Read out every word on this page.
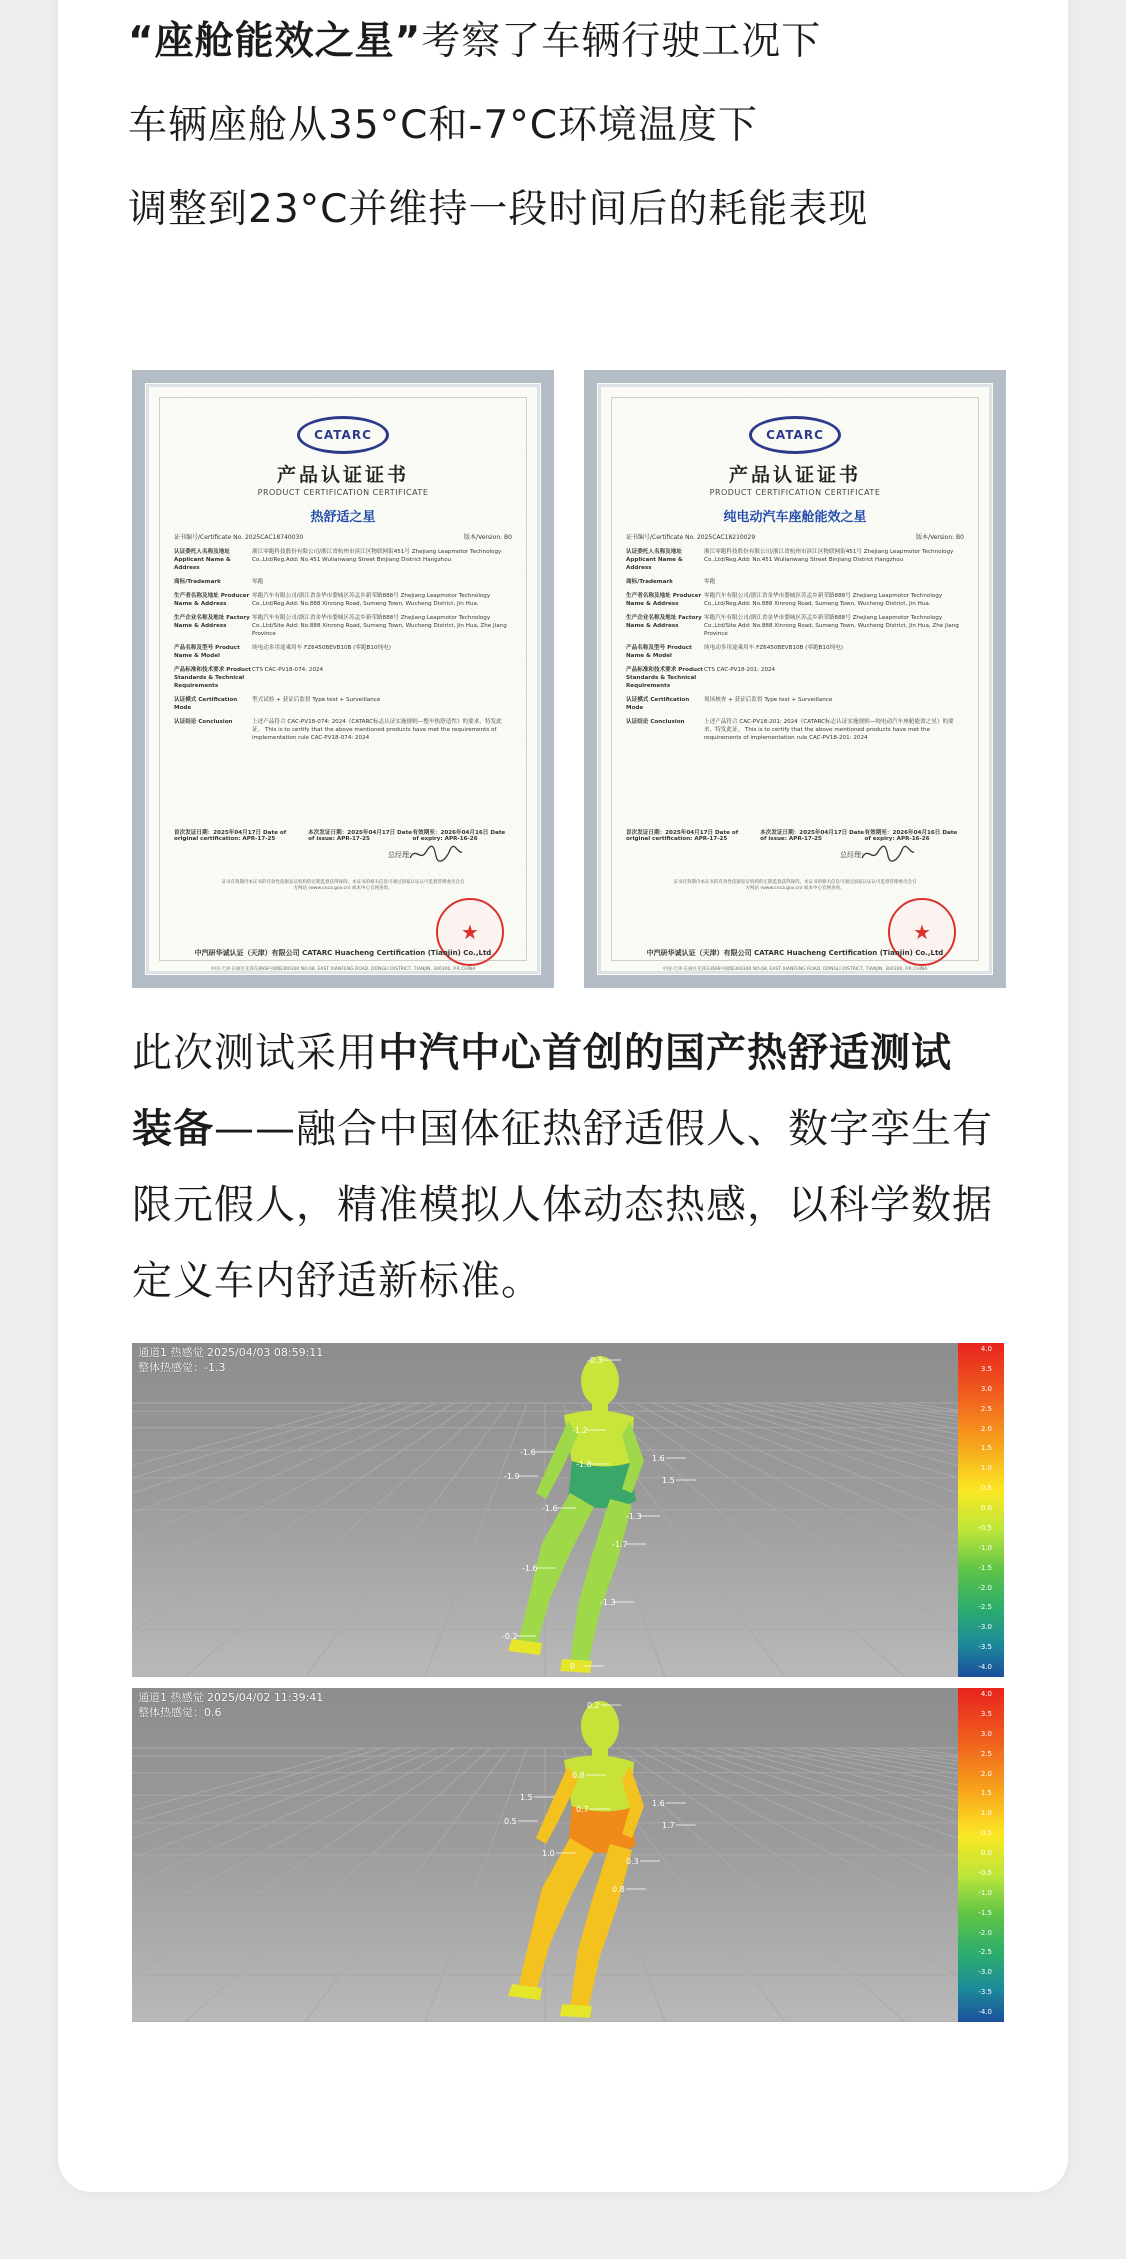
“座舱能效之星”考察了车辆行驶工况下
车辆座舱从35°C和-7°C环境温度下
调整到23°C并维持一段时间后的耗能表现
CATARC
产品认证证书
PRODUCT CERTIFICATION CERTIFICATE
热舒适之星
证书编号/Certificate No. 2025CAC18740030	版本/Version: B0
认证委托人名称及地址 Applicant Name & Address
浙江零跑科技股份有限公司/浙江省杭州市滨江区物联网街451号 Zhejiang Leapmotor Technology Co.,Ltd/Reg.Add: No.451 Wulianwang Street Binjiang District Hangzhou
商标/Trademark	零跑
生产者名称及地址 Producer Name & Address
零跑汽车有限公司/浙江省金华市婺城区苏孟乡新荣路888号 Zhejiang Leapmotor Technology Co.,Ltd/Reg.Add: No.888 Xinrong Road, Sumeng Town, Wucheng District, Jin Hua.
生产企业名称及地址 Factory Name & Address
零跑汽车有限公司/浙江省金华市婺城区苏孟乡新荣路888号 Zhejiang Leapmotor Technology Co.,Ltd/Site Add: No.888 Xinrong Road, Sumeng Town, Wucheng District, Jin Hua, Zhe Jiang Province
产品名称及型号 Product Name & Model
纯电动多用途乘用车 FZ6450BEVB10B (零跑B10纯电)
产品标准和技术要求 Product Standards & Technical Requirements
CTS CAC-PV18-074: 2024
认证模式 Certification Mode
型式试验 + 获证后监督 Type test + Surveillance
认证结论 Conclusion	上述产品符合 CAC-PV18-074: 2024《CATARC标志认证实施规则—整车热舒适性》的要求，特发此证。 This is to certify that the above mentioned products have met the requirements of implementation rule CAC-PV18-074: 2024
首次发证日期：2025年04月17日 Date of original certification: APR-17-25
本次发证日期：2025年04月17日 Date of issue: APR-17-25
有效期至：2026年04月16日 Date of expiry: APR-16-26
总经理：
证书有效期内本证书的有效性依据发证机构的定期监督获得保持。本证书的相关信息可通过国家认证认可监督管理委员会官方网站 (www.cnca.gov.cn) 或本中心官网查询。
★
中汽研华诚认证（天津）有限公司 CATARC Huacheng Certification (Tianjin) Co.,Ltd
中国·天津·东丽区先锋东路68号邮编300300 NO.68, EAST XIANFENG ROAD, DONGLI DISTRICT, TIANJIN, 300300, P.R.CHINA
CATARC
产品认证证书
PRODUCT CERTIFICATION CERTIFICATE
纯电动汽车座舱能效之星
证书编号/Certificate No. 2025CAC18210029	版本/Version: B0
认证委托人名称及地址 Applicant Name & Address
浙江零跑科技股份有限公司/浙江省杭州市滨江区物联网街451号 Zhejiang Leapmotor Technology Co.,Ltd/Reg.Add: No.451 Wulianwang Street Binjiang District Hangzhou
商标/Trademark	零跑
生产者名称及地址 Producer Name & Address
零跑汽车有限公司/浙江省金华市婺城区苏孟乡新荣路888号 Zhejiang Leapmotor Technology Co.,Ltd/Reg.Add: No.888 Xinrong Road, Sumeng Town, Wucheng District, Jin Hua.
生产企业名称及地址 Factory Name & Address
零跑汽车有限公司/浙江省金华市婺城区苏孟乡新荣路888号 Zhejiang Leapmotor Technology Co.,Ltd/Site Add: No.888 Xinrong Road, Sumeng Town, Wucheng District, Jin Hua, Zhe Jiang Province
产品名称及型号 Product Name & Model
纯电动多用途乘用车 FZ6450BEVB10B (零跑B10纯电)
产品标准和技术要求 Product Standards & Technical Requirements
CTS CAC-PV18-201: 2024
认证模式 Certification Mode
现场核查 + 获证后监督 Type test + Surveillance
认证结论 Conclusion	上述产品符合 CAC-PV18-201: 2024《CATARC标志认证实施规则—纯电动汽车座舱能效之星》的要求，特发此证。 This is to certify that the above mentioned products have met the requirements of implementation rule CAC-PV18-201: 2024
首次发证日期：2025年04月17日 Date of original certification: APR-17-25
本次发证日期：2025年04月17日 Date of issue: APR-17-25
有效期至：2026年04月16日 Date of expiry: APR-16-26
总经理：
证书有效期内本证书的有效性依据发证机构的定期监督获得保持。本证书的相关信息可通过国家认证认可监督管理委员会官方网站 (www.cnca.gov.cn) 或本中心官网查询。
★
中汽研华诚认证（天津）有限公司 CATARC Huacheng Certification (Tianjin) Co.,Ltd
中国·天津·东丽区先锋东路68号邮编300300 NO.68, EAST XIANFENG ROAD, DONGLI DISTRICT, TIANJIN, 300300, P.R.CHINA
此次测试采用中汽中心首创的国产热舒适测试
装备——融合中国体征热舒适假人、数字孪生有
限元假人，精准模拟人体动态热感，以科学数据
定义车内舒适新标准。
通道1 热感觉 2025/04/03 08:59:11
整体热感觉：-1.3
-0.3
-1.2
-1.6
-1.9
-1.8
1.6
1.5
-1.6
-1.3
-1.7
-1.6
-1.3
-0.2
0
4.0
3.5
3.0
2.5
2.0
1.5
1.0
0.5
0.0
-0.5
-1.0
-1.5
-2.0
-2.5
-3.0
-3.5
-4.0
通道1 热感觉 2025/04/02 11:39:41
整体热感觉：0.6
0.2
0.8
1.5
0.5
0.7
1.6
1.7
1.0
0.3
0.8
4.0
3.5
3.0
2.5
2.0
1.5
1.0
0.5
0.0
-0.5
-1.0
-1.5
-2.0
-2.5
-3.0
-3.5
-4.0
